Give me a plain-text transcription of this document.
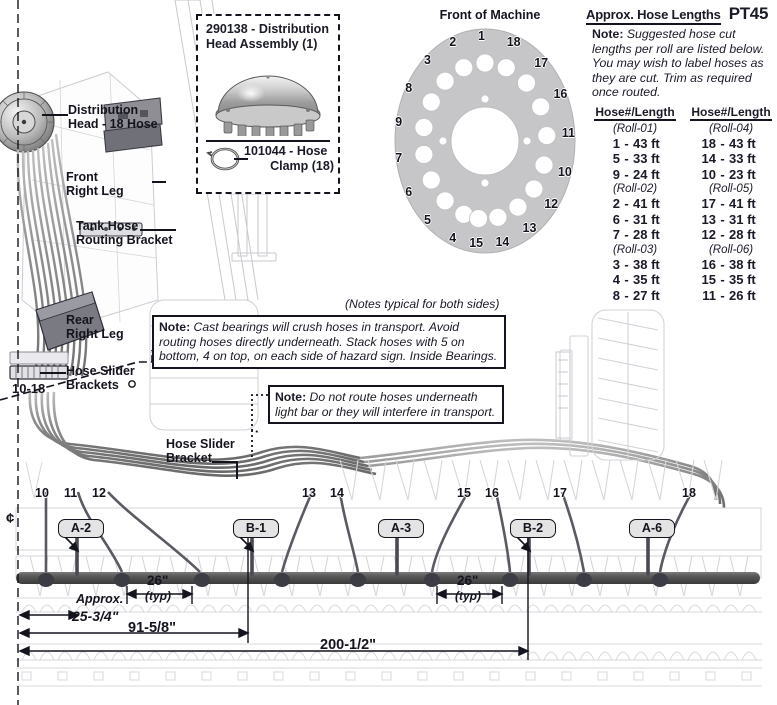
Distribution
Head - 18 Hose
Front
Right Leg
Tank Hose
Routing Bracket
Rear
Right Leg
Hose Slider
Brackets
10-18
Hose Slider
Bracket
290138 - Distribution Head Assembly (1)
101044 - Hose
Clamp (18)
Front of Machine
1
2
3
8
9
7
6
5
4 15 14
13
12
10
11
16
17
18
Approx. Hose Lengths PT45
Note: Suggested hose cut lengths per roll are listed below. You may wish to label hoses as they are cut. Trim as required once routed.
Hose#/Length
(Roll-01)
1 - 43 ft
5 - 33 ft
9 - 24 ft
(Roll-02)
2 - 41 ft
6 - 31 ft
7 - 28 ft
(Roll-03)
3 - 38 ft
4 - 35 ft
8 - 27 ft
Hose#/Length
(Roll-04)
18 - 43 ft
14 - 33 ft
10 - 23 ft
(Roll-05)
17 - 41 ft
13 - 31 ft
12 - 28 ft
(Roll-06)
16 - 38 ft
15 - 35 ft
11 - 26 ft
(Notes typical for both sides)
Note: Cast bearings will crush hoses in transport. Avoid routing hoses directly underneath. Stack hoses with 5 on bottom, 4 on top, on each side of hazard sign. Inside Bearings.
Note: Do not route hoses underneath light bar or they will interfere in transport.
A-2	B-1	A-3	B-2	A-6
10 11 12	13 14	15 16	17	18
¢
26"
(typ)
26"
(typ)
Approx.
25-3/4"
91-5/8"
200-1/2"
